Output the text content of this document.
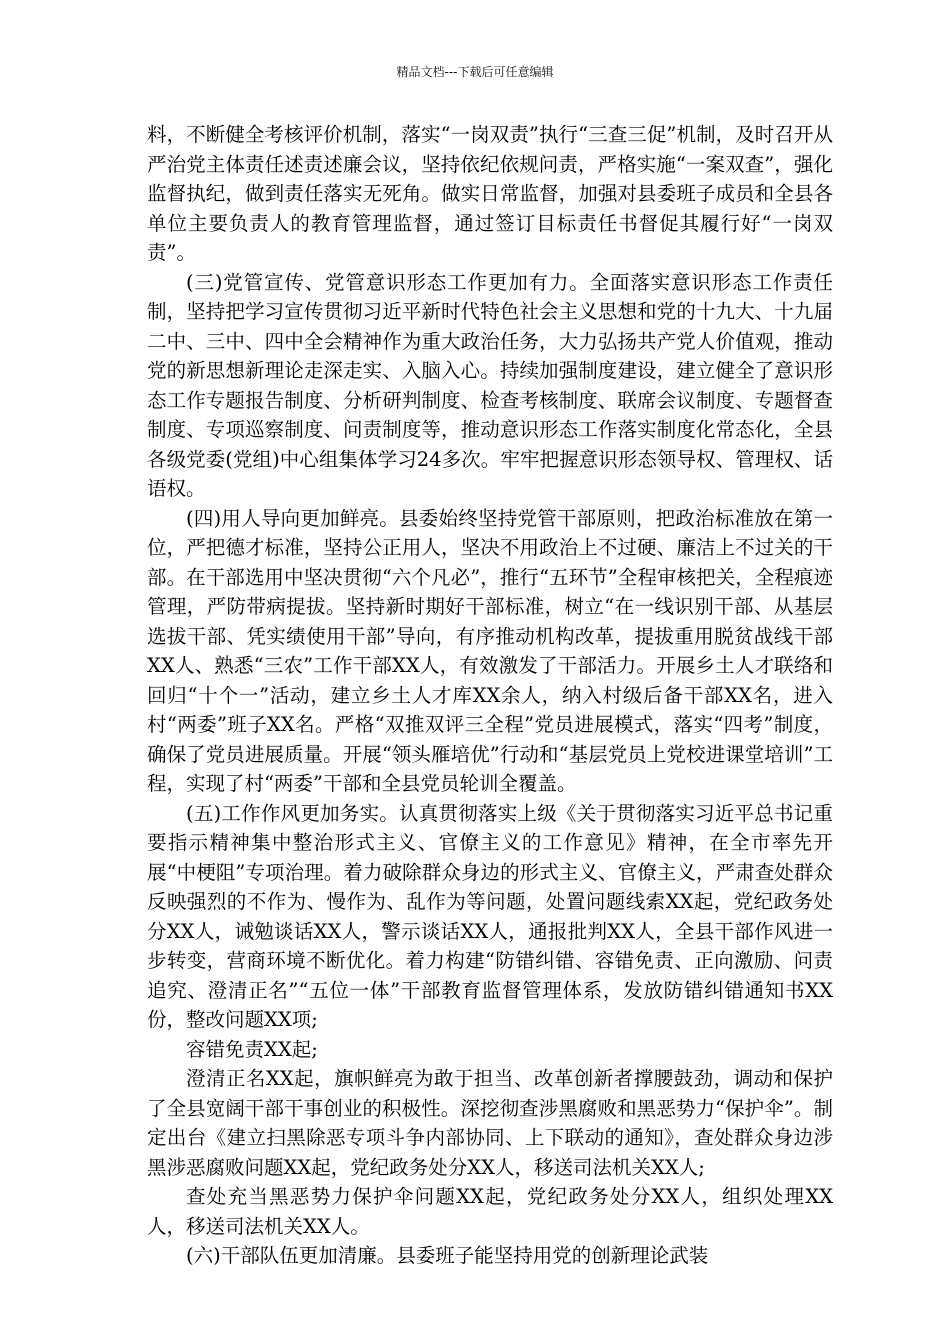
精品文档---下载后可任意编辑

料，不断健全考核评价机制，落实“一岗双责”执行“三查三促”机制，及时召开从严治党主体责任述责述廉会议，坚持依纪依规问责，严格实施“一案双查”，强化监督执纪，做到责任落实无死角。做实日常监督，加强对县委班子成员和全县各单位主要负责人的教育管理监督，通过签订目标责任书督促其履行好“一岗双责”。

(三)党管宣传、党管意识形态工作更加有力。全面落实意识形态工作责任制，坚持把学习宣传贯彻习近平新时代特色社会主义思想和党的十九大、十九届二中、三中、四中全会精神作为重大政治任务，大力弘扬共产党人价值观，推动党的新思想新理论走深走实、入脑入心。持续加强制度建设，建立健全了意识形态工作专题报告制度、分析研判制度、检查考核制度、联席会议制度、专题督查制度、专项巡察制度、问责制度等，推动意识形态工作落实制度化常态化，全县各级党委(党组)中心组集体学习24多次。牢牢把握意识形态领导权、管理权、话语权。

(四)用人导向更加鲜亮。县委始终坚持党管干部原则，把政治标准放在第一位，严把德才标准，坚持公正用人，坚决不用政治上不过硬、廉洁上不过关的干部。在干部选用中坚决贯彻“六个凡必”，推行“五环节”全程审核把关，全程痕迹管理，严防带病提拔。坚持新时期好干部标准，树立“在一线识别干部、从基层选拔干部、凭实绩使用干部”导向，有序推动机构改革，提拔重用脱贫战线干部XX人、熟悉“三农”工作干部XX人，有效激发了干部活力。开展乡土人才联络和回归“十个一”活动，建立乡土人才库XX余人，纳入村级后备干部XX名，进入村“两委”班子XX名。严格“双推双评三全程”党员进展模式，落实“四考”制度，确保了党员进展质量。开展“领头雁培优”行动和“基层党员上党校进课堂培训”工程，实现了村“两委”干部和全县党员轮训全覆盖。

(五)工作作风更加务实。认真贯彻落实上级《关于贯彻落实习近平总书记重要指示精神集中整治形式主义、官僚主义的工作意见》精神，在全市率先开展“中梗阻”专项治理。着力破除群众身边的形式主义、官僚主义，严肃查处群众反映强烈的不作为、慢作为、乱作为等问题，处置问题线索XX起，党纪政务处分XX人，诫勉谈话XX人，警示谈话XX人，通报批判XX人，全县干部作风进一步转变，营商环境不断优化。着力构建“防错纠错、容错免责、正向激励、问责追究、澄清正名”“五位一体”干部教育监督管理体系，发放防错纠错通知书XX份，整改问题XX项;

容错免责XX起;

澄清正名XX起，旗帜鲜亮为敢于担当、改革创新者撑腰鼓劲，调动和保护了全县宽阔干部干事创业的积极性。深挖彻查涉黑腐败和黑恶势力“保护伞”。制定出台《建立扫黑除恶专项斗争内部协同、上下联动的通知》，查处群众身边涉黑涉恶腐败问题XX起，党纪政务处分XX人，移送司法机关XX人;

查处充当黑恶势力保护伞问题XX起，党纪政务处分XX人，组织处理XX人，移送司法机关XX人。

(六)干部队伍更加清廉。县委班子能坚持用党的创新理论武装
